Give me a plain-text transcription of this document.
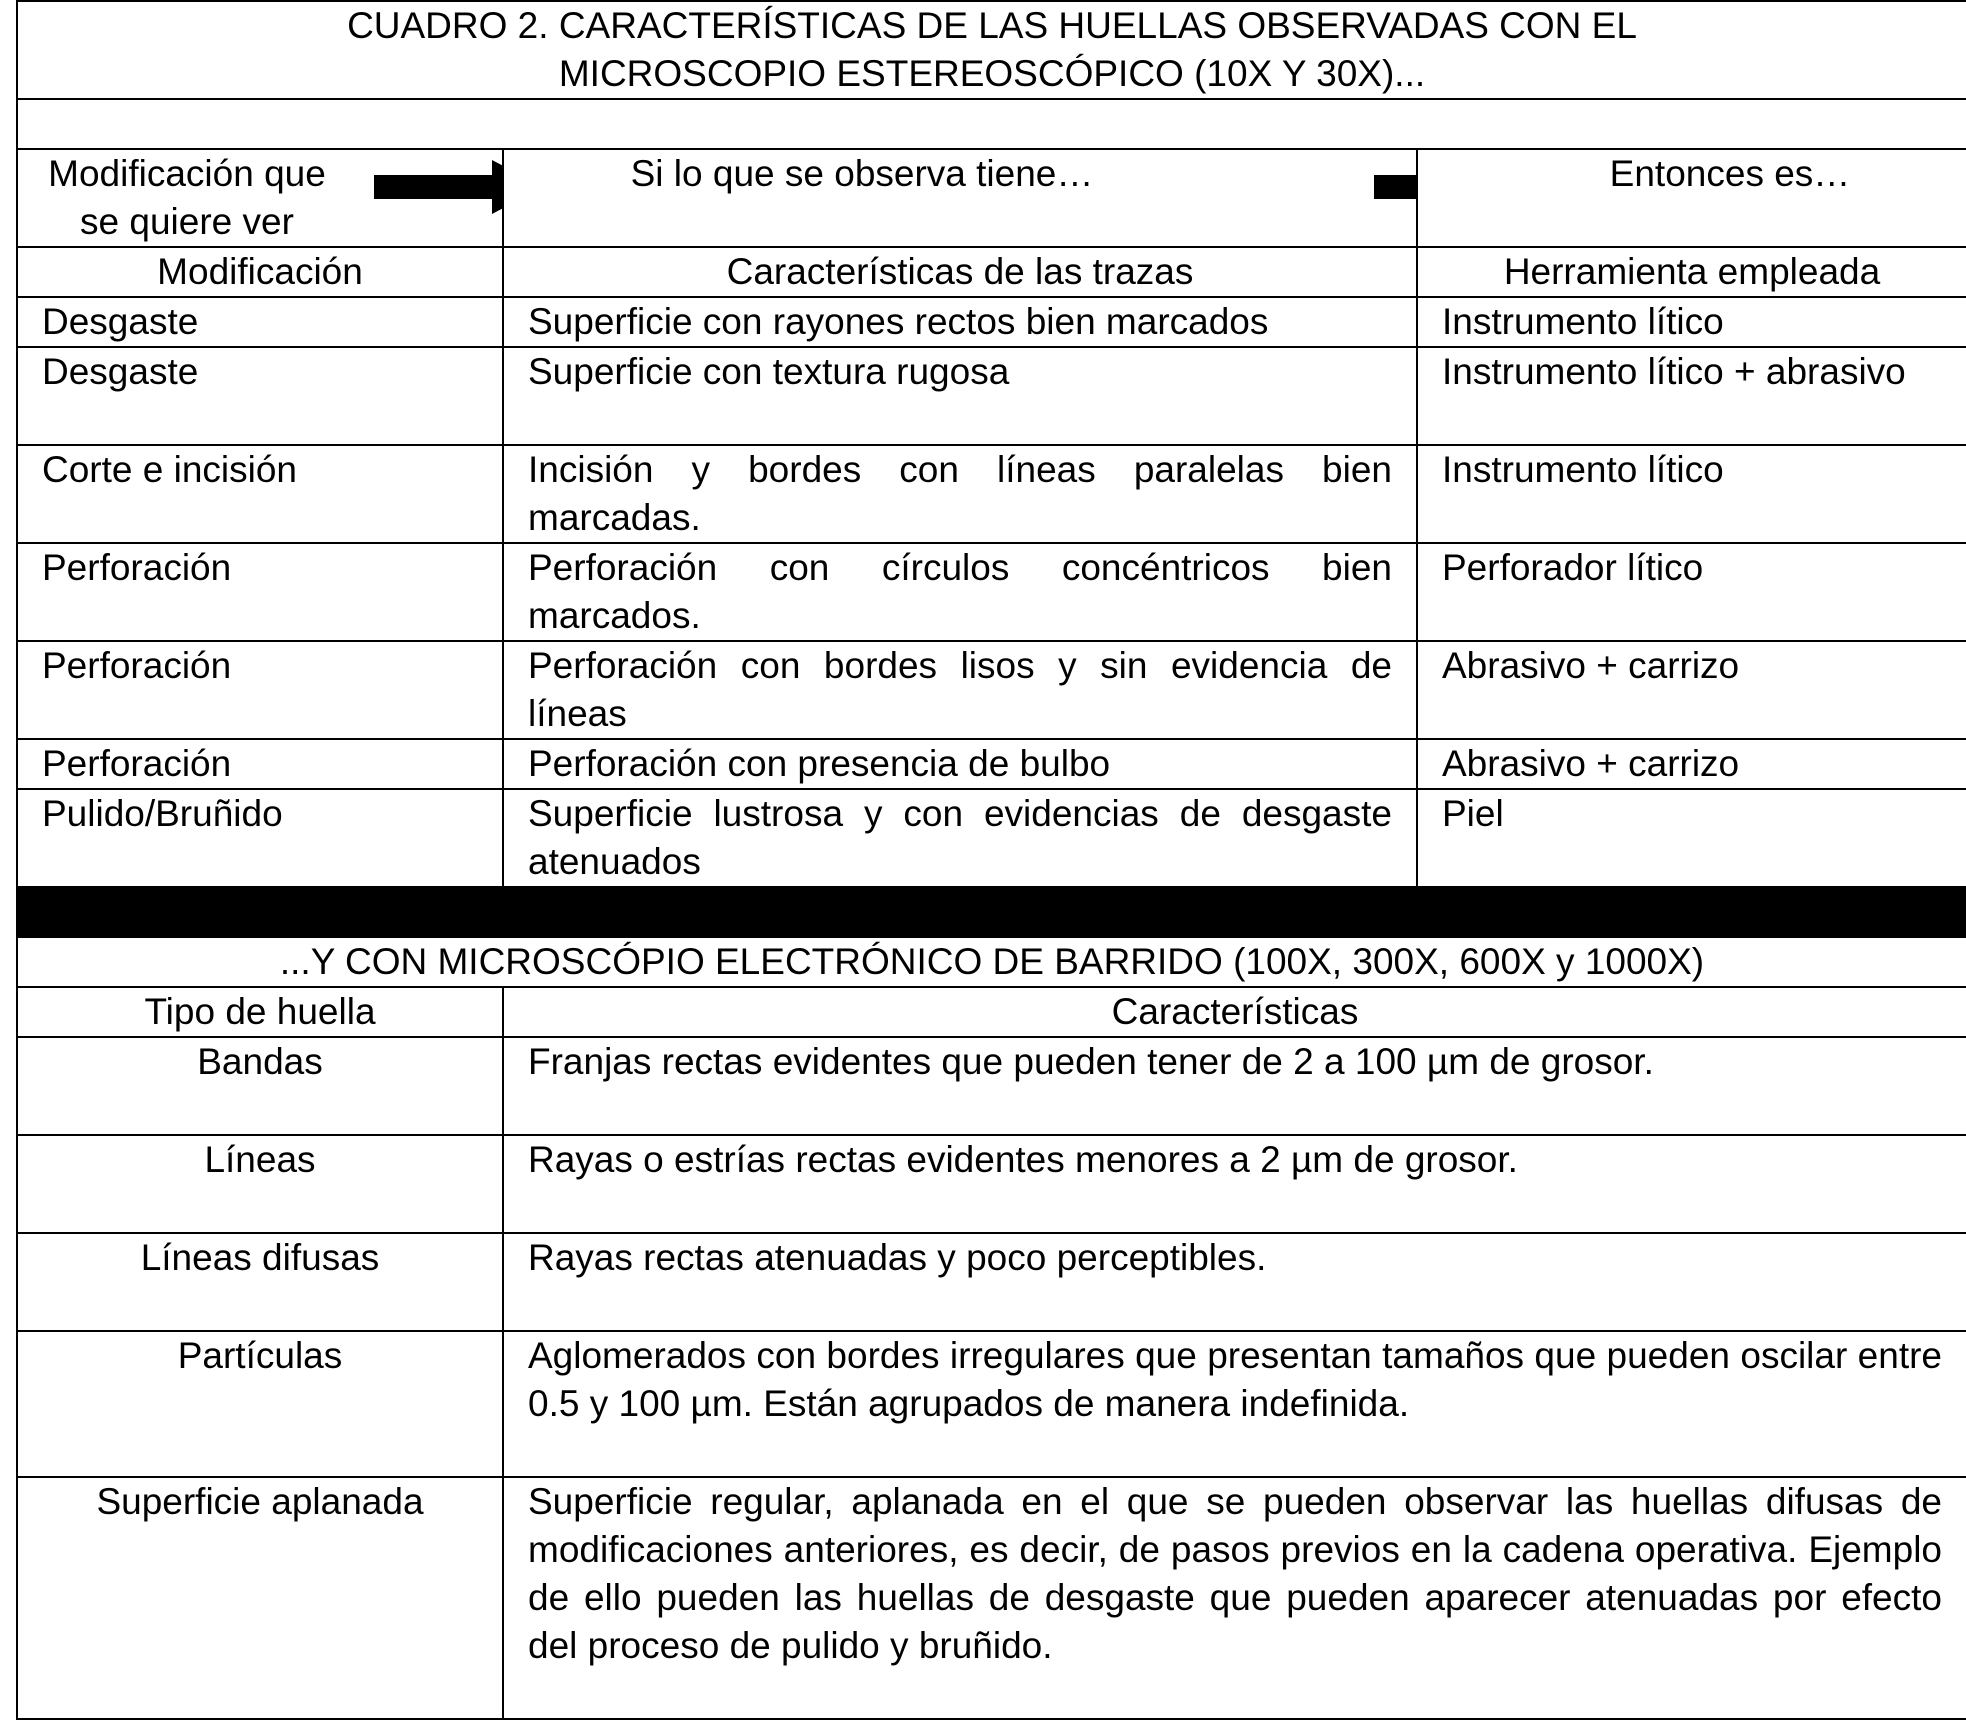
CUADRO 2. CARACTERÍSTICAS DE LAS HUELLAS OBSERVADAS CON EL
MICROSCOPIO ESTEREOSCÓPICO (10X Y 30X)...		

Modificación que se quiere ver	Si lo que se observa tiene…	Entonces es…
Modificación	Características de las trazas	Herramienta empleada
Desgaste	Superficie con rayones rectos bien marcados	Instrumento lítico
Desgaste	Superficie con textura rugosa	Instrumento lítico + abrasivo
Corte e incisión	Incisión y bordes con líneas paralelas bien marcadas.	Instrumento lítico
Perforación	Perforación con círculos concéntricos bien marcados.	Perforador lítico
Perforación	Perforación con bordes lisos y sin evidencia de líneas	Abrasivo + carrizo
Perforación	Perforación con presencia de bulbo	Abrasivo + carrizo
Pulido/Bruñido	Superficie lustrosa y con evidencias de desgaste atenuados	Piel

...Y CON MICROSCÓPIO ELECTRÓNICO DE BARRIDO (100X, 300X, 600X y 1000X)		
Tipo de huella	Características	
Bandas	Franjas rectas evidentes que pueden tener de 2 a 100 µm de grosor.	
Líneas	Rayas o estrías rectas evidentes menores a 2 µm de grosor.	
Líneas difusas	Rayas rectas atenuadas y poco perceptibles.	
Partículas	Aglomerados con bordes irregulares que presentan tamaños que pueden oscilar entre 0.5 y 100 µm. Están agrupados de manera indefinida.	
Superficie aplanada	Superficie regular, aplanada en el que se pueden observar las huellas difusas de modificaciones anteriores, es decir, de pasos previos en la cadena operativa. Ejemplo de ello pueden las huellas de desgaste que pueden aparecer atenuadas por efecto del proceso de pulido y bruñido.	
